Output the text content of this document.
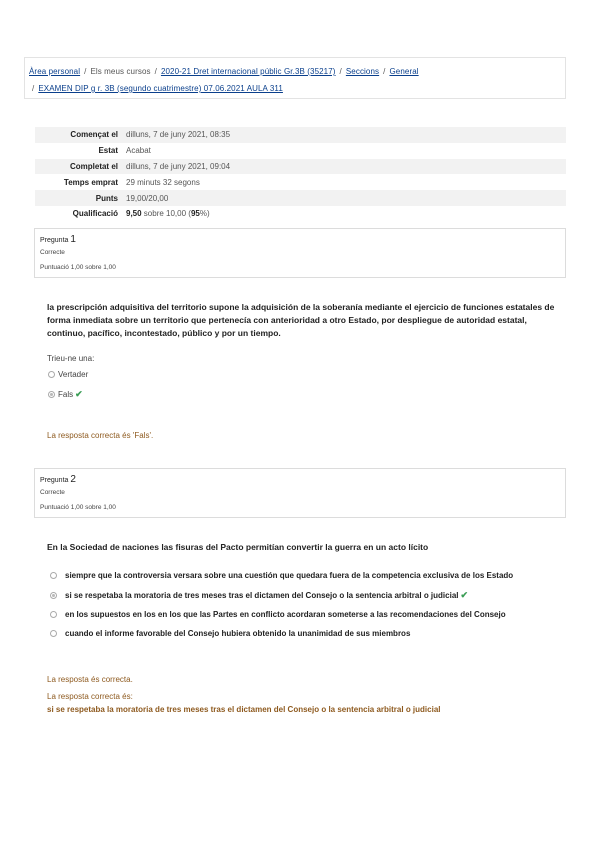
Àrea personal / Els meus cursos / 2020-21 Dret internacional públic Gr.3B (35217) / Seccions / General
/ EXAMEN DIP g r. 3B (segundo cuatrimestre) 07.06.2021 AULA 311
Començat el	dilluns, 7 de juny 2021, 08:35
Estat	Acabat
Completat el	dilluns, 7 de juny 2021, 09:04
Temps emprat	29 minuts 32 segons
Punts	19,00/20,00
Qualificació	9,50 sobre 10,00 (95%)
Pregunta 1
Correcte
Puntuació 1,00 sobre 1,00
la prescripción adquisitiva del territorio supone la adquisición de la soberanía mediante el ejercicio de funciones estatales de forma inmediata sobre un territorio que pertenecía con anterioridad a otro Estado, por despliegue de autoridad estatal, continuo, pacífico, incontestado, público y por un tiempo.
Trieu-ne una:
Vertader
Fals ✔
La resposta correcta és 'Fals'.
Pregunta 2
Correcte
Puntuació 1,00 sobre 1,00
En la Sociedad de naciones las fisuras del Pacto permitían convertir la guerra en un acto lícito
siempre que la controversia versara sobre una cuestión que quedara fuera de la competencia exclusiva de los Estado
si se respetaba la moratoria de tres meses tras el dictamen del Consejo o la sentencia arbitral o judicial ✔
en los supuestos en los en los que las Partes en conflicto acordaran someterse a las recomendaciones del Consejo
cuando el informe favorable del Consejo hubiera obtenido la unanimidad de sus miembros
La resposta és correcta.
La resposta correcta és:
si se respetaba la moratoria de tres meses tras el dictamen del Consejo o la sentencia arbitral o judicial
